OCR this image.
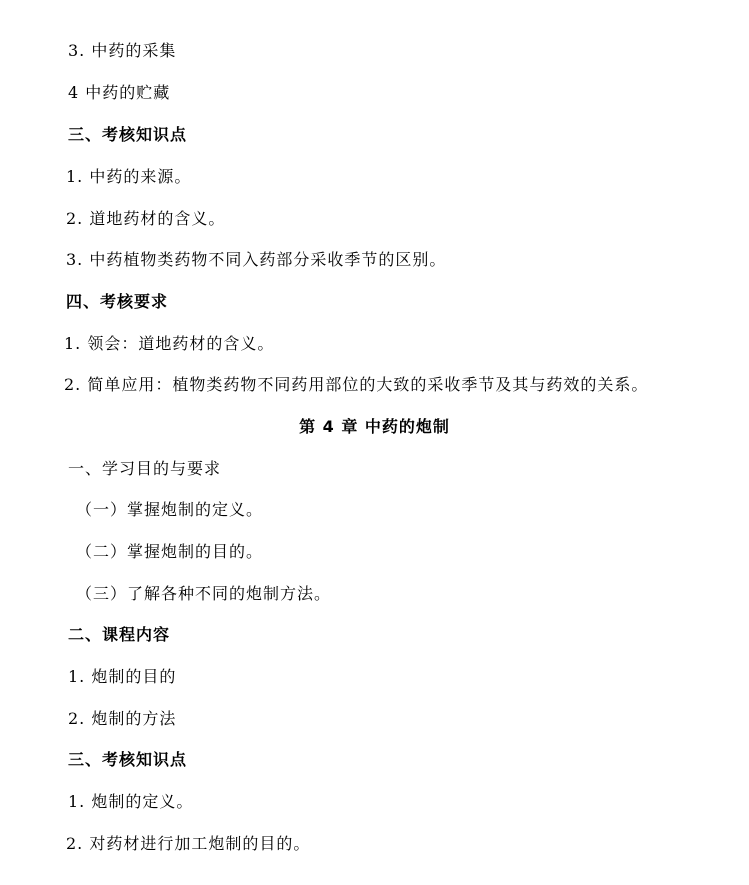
3. 中药的采集
4 中药的贮藏
三、考核知识点
1. 中药的来源。
2. 道地药材的含义。
3. 中药植物类药物不同入药部分采收季节的区别。
四、考核要求
1. 领会：道地药材的含义。
2. 简单应用：植物类药物不同药用部位的大致的采收季节及其与药效的关系。
第 4 章 中药的炮制
一、学习目的与要求
（一）掌握炮制的定义。
（二）掌握炮制的目的。
（三）了解各种不同的炮制方法。
二、课程内容
1. 炮制的目的
2. 炮制的方法
三、考核知识点
1. 炮制的定义。
2. 对药材进行加工炮制的目的。
